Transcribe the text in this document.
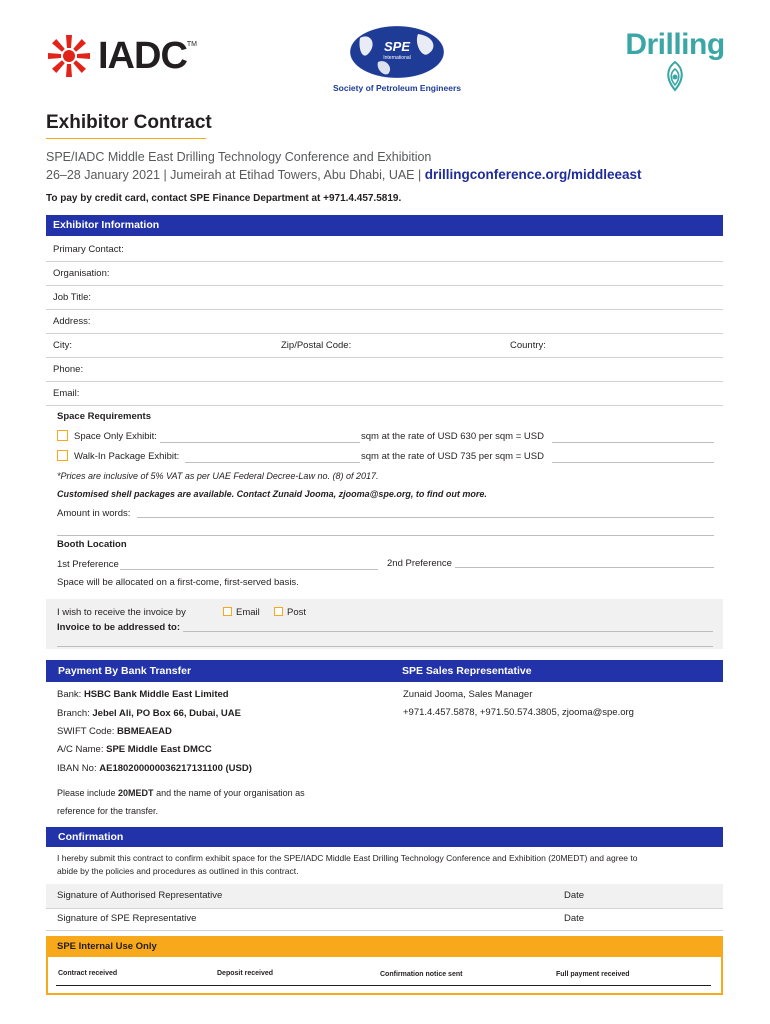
IADC TM	SPE
International
Society of Petroleum Engineers
Drilling
Exhibitor Contract
SPE/IADC Middle East Drilling Technology Conference and Exhibition
26–28 January 2021 | Jumeirah at Etihad Towers, Abu Dhabi, UAE | drillingconference.org/middleeast
To pay by credit card, contact SPE Finance Department at +971.4.457.5819.
Exhibitor Information
Primary Contact:
Organisation:
Job Title:
Address:
City:	Zip/Postal Code:	Country:
Phone:
Email:
Space Requirements
Space Only Exhibit:	sqm at the rate of USD 630 per sqm = USD
Walk-In Package Exhibit:	sqm at the rate of USD 735 per sqm = USD
*Prices are inclusive of 5% VAT as per UAE Federal Decree-Law no. (8) of 2017.
Customised shell packages are available. Contact Zunaid Jooma, zjooma@spe.org, to find out more.
Amount in words:
Booth Location
1st Preference	2nd Preference
Space will be allocated on a first-come, first-served basis.
I wish to receive the invoice by	Email	Post
Invoice to be addressed to:
Payment By Bank Transfer	SPE Sales Representative
Bank: HSBC Bank Middle East Limited
Branch: Jebel Ali, PO Box 66, Dubai, UAE
SWIFT Code: BBMEAEAD
A/C Name: SPE Middle East DMCC
IBAN No: AE180200000036217131100 (USD)
Please include 20MEDT and the name of your organisation as
reference for the transfer.
Zunaid Jooma, Sales Manager
+971.4.457.5878, +971.50.574.3805, zjooma@spe.org
Confirmation
I hereby submit this contract to confirm exhibit space for the SPE/IADC Middle East Drilling Technology Conference and Exhibition (20MEDT) and agree to
abide by the policies and procedures as outlined in this contract.
Signature of Authorised Representative	Date
Signature of SPE Representative	Date
SPE Internal Use Only
Contract received	Deposit received	Confirmation notice sent	Full payment received
